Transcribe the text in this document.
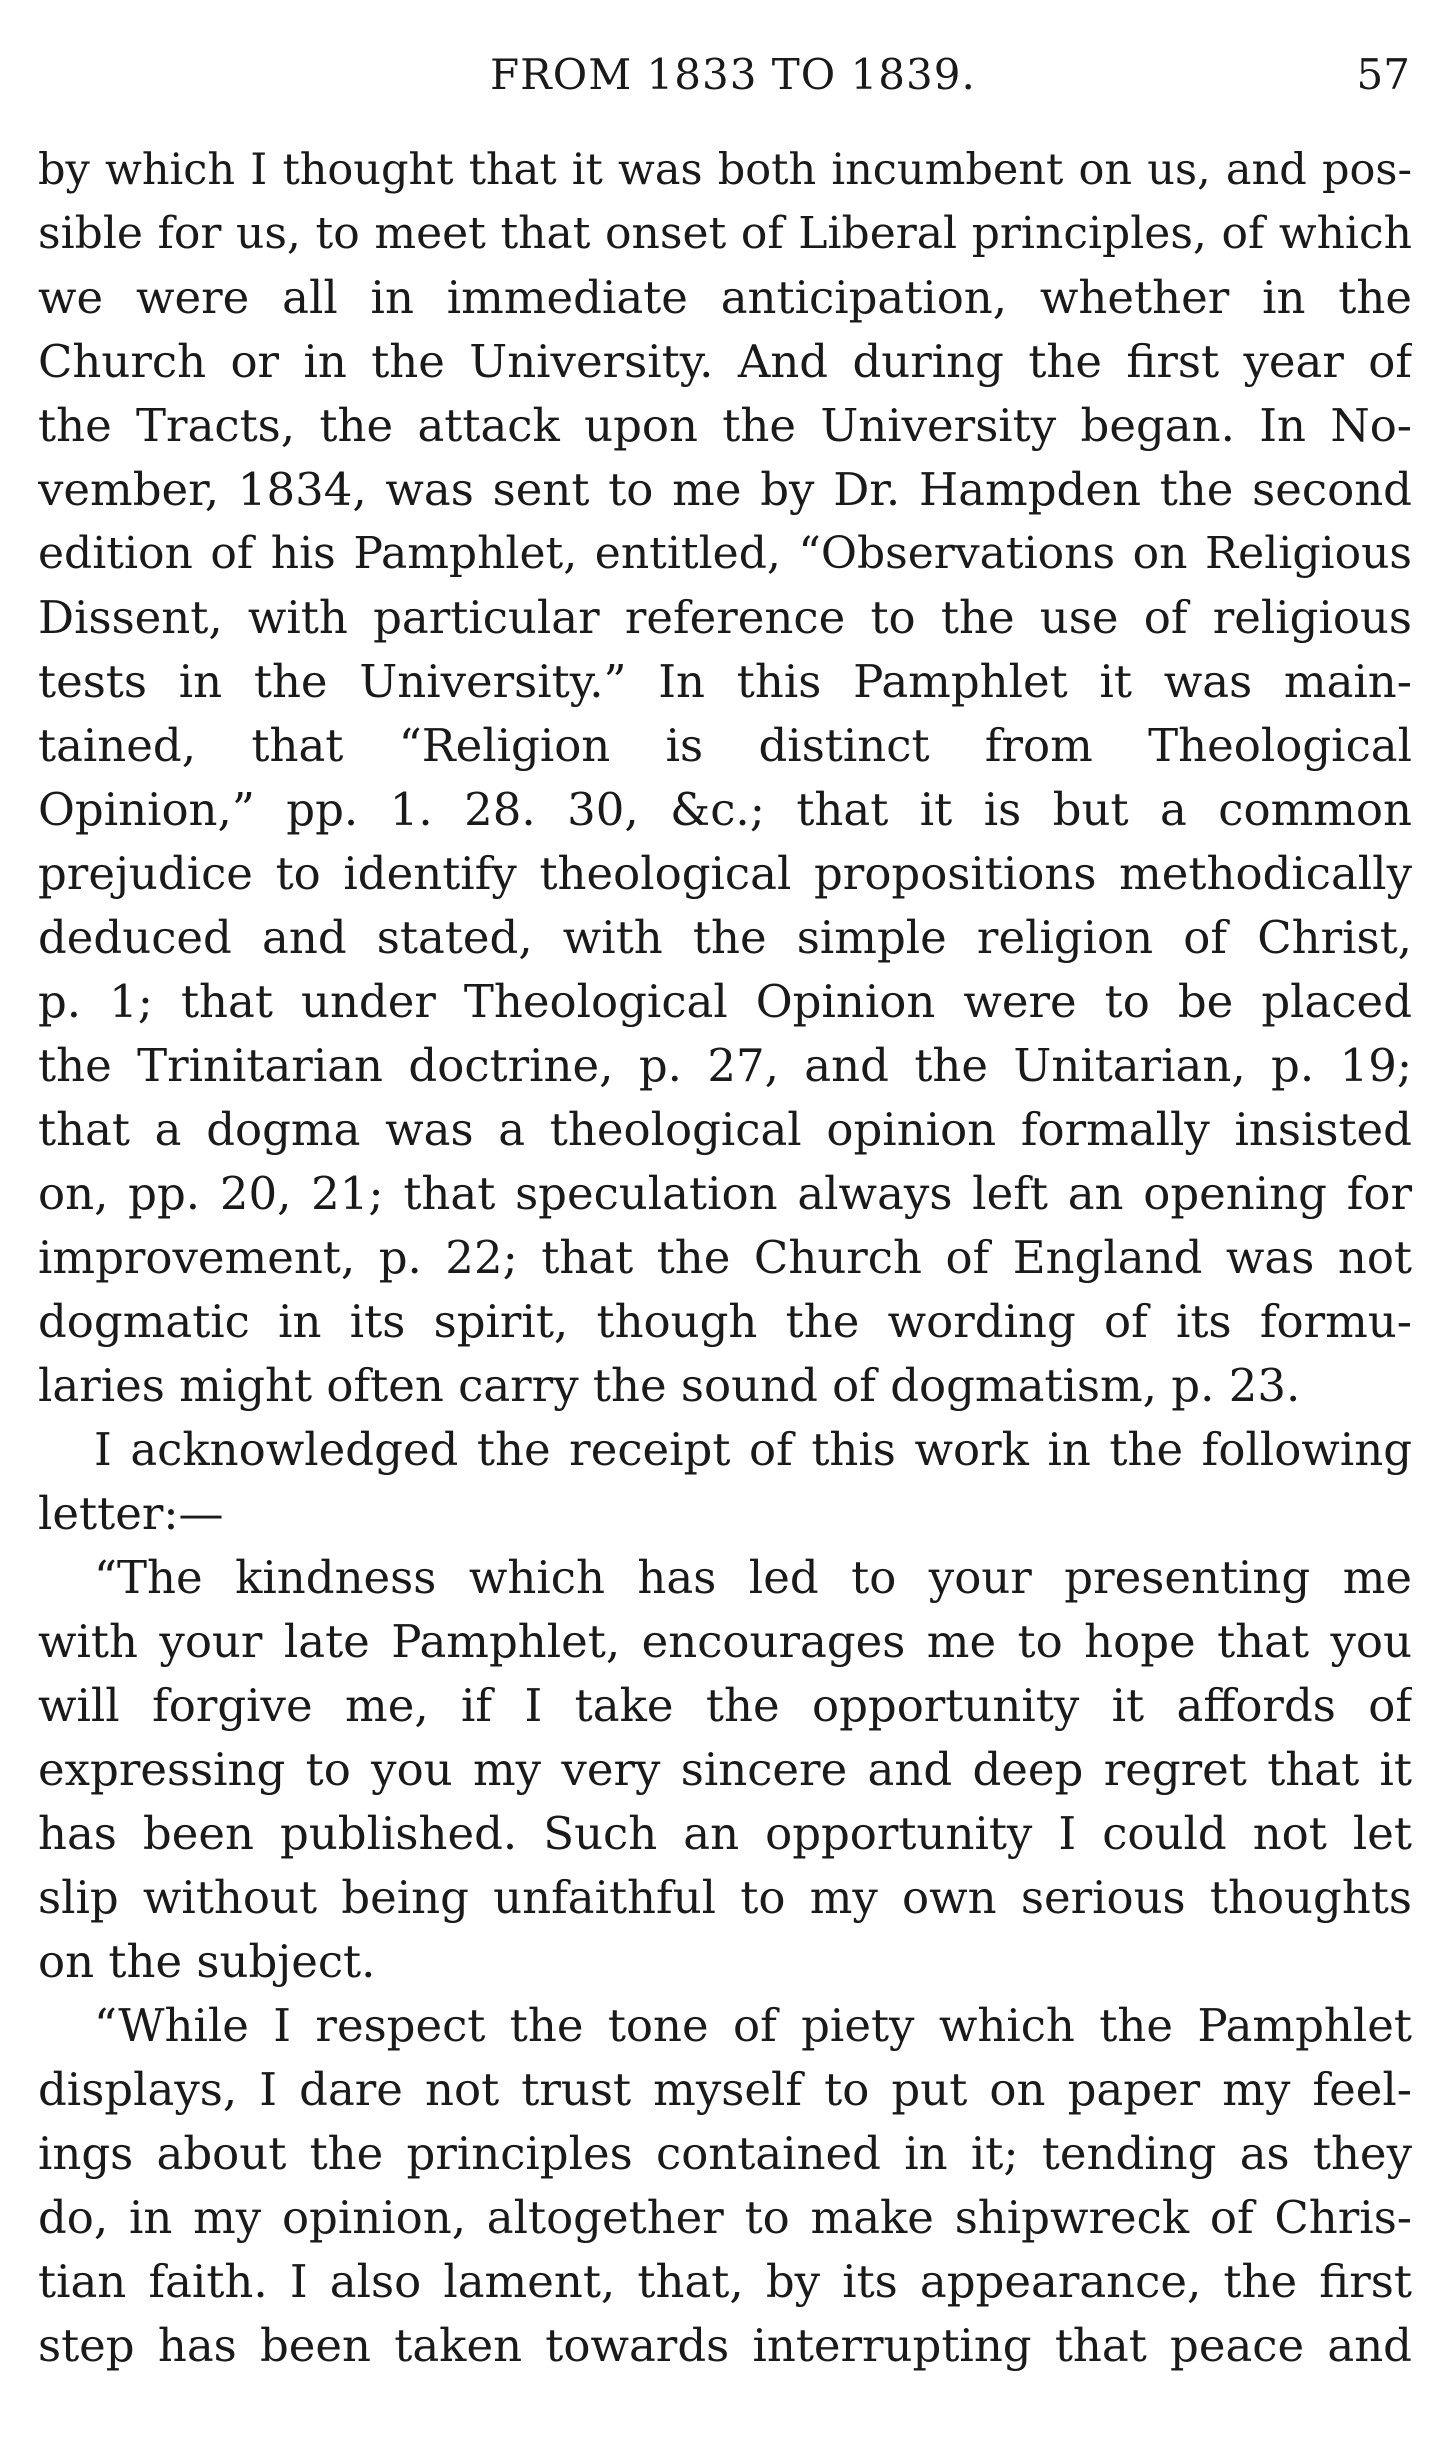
FROM 1833 TO 1839.	57
by which I thought that it was both incumbent on us, and pos-
sible for us, to meet that onset of Liberal principles, of which
we were all in immediate anticipation, whether in the
Church or in the University. And during the first year of
the Tracts, the attack upon the University began. In No-
vember, 1834, was sent to me by Dr. Hampden the second
edition of his Pamphlet, entitled, “Observations on Religious
Dissent, with particular reference to the use of religious
tests in the University.” In this Pamphlet it was main-
tained, that “Religion is distinct from Theological
Opinion,” pp. 1. 28. 30, &c.; that it is but a common
prejudice to identify theological propositions methodically
deduced and stated, with the simple religion of Christ,
p. 1; that under Theological Opinion were to be placed
the Trinitarian doctrine, p. 27, and the Unitarian, p. 19;
that a dogma was a theological opinion formally insisted
on, pp. 20, 21; that speculation always left an opening for
improvement, p. 22; that the Church of England was not
dogmatic in its spirit, though the wording of its formu-
laries might often carry the sound of dogmatism, p. 23.
I acknowledged the receipt of this work in the following
letter:—
“The kindness which has led to your presenting me
with your late Pamphlet, encourages me to hope that you
will forgive me, if I take the opportunity it affords of
expressing to you my very sincere and deep regret that it
has been published. Such an opportunity I could not let
slip without being unfaithful to my own serious thoughts
on the subject.
“While I respect the tone of piety which the Pamphlet
displays, I dare not trust myself to put on paper my feel-
ings about the principles contained in it; tending as they
do, in my opinion, altogether to make shipwreck of Chris-
tian faith. I also lament, that, by its appearance, the first
step has been taken towards interrupting that peace and
